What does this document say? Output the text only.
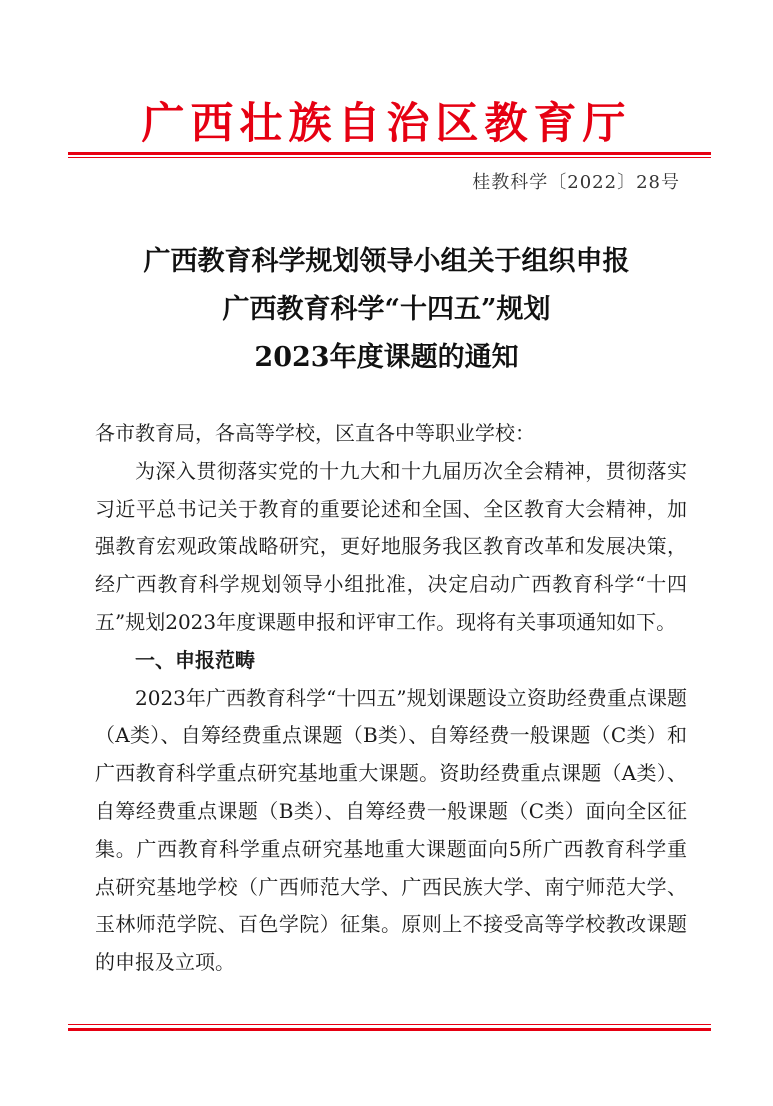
广西壮族自治区教育厅
桂教科学〔2022〕28号
广西教育科学规划领导小组关于组织申报
广西教育科学“十四五”规划
2023年度课题的通知

各市教育局，各高等学校，区直各中等职业学校：

为深入贯彻落实党的十九大和十九届历次全会精神，贯彻落实习近平总书记关于教育的重要论述和全国、全区教育大会精神，加强教育宏观政策战略研究，更好地服务我区教育改革和发展决策，经广西教育科学规划领导小组批准，决定启动广西教育科学“十四五”规划2023年度课题申报和评审工作。现将有关事项通知如下。

一、申报范畴

2023年广西教育科学“十四五”规划课题设立资助经费重点课题（A类）、自筹经费重点课题（B类）、自筹经费一般课题（C类）和广西教育科学重点研究基地重大课题。资助经费重点课题（A类）、自筹经费重点课题（B类）、自筹经费一般课题（C类）面向全区征集。广西教育科学重点研究基地重大课题面向5所广西教育科学重点研究基地学校（广西师范大学、广西民族大学、南宁师范大学、玉林师范学院、百色学院）征集。原则上不接受高等学校教改课题的申报及立项。
